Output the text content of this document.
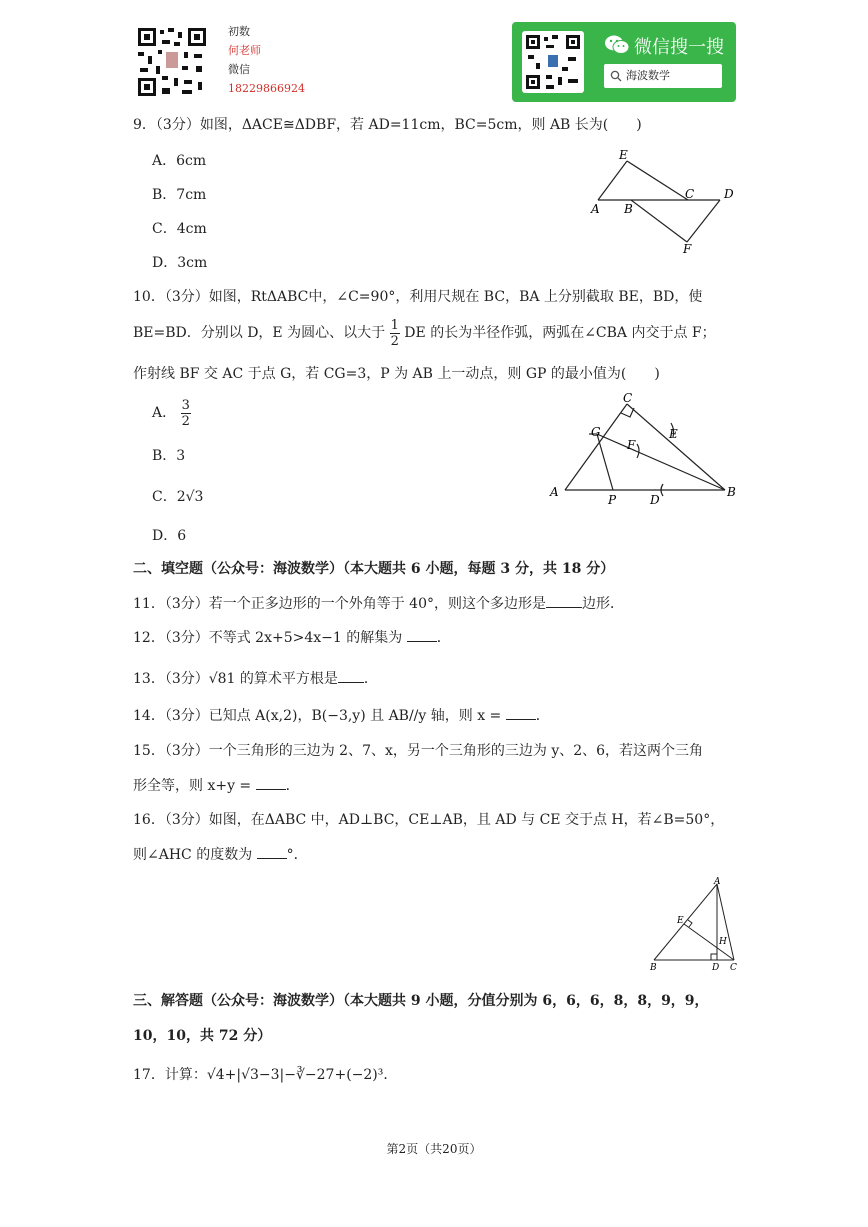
初数
何老师
微信
18229866924
微信搜一搜
海波数学
9．（3分）如图，ΔACE≅ΔDBF，若 AD=11cm，BC=5cm，则 AB 长为(　　)
A．6cm
B．7cm
C．4cm
D．3cm
E
A B
C D
F
10．（3分）如图，RtΔABC中，∠C=90°，利用尺规在 BC，BA 上分别截取 BE，BD，使
BE=BD．分别以 D，E 为圆心、以大于 $\frac{1}{2}$ DE 的长为半径作弧，两弧在∠CBA 内交于点 F；
作射线 BF 交 AC 于点 G，若 CG=3，P 为 AB 上一动点，则 GP 的最小值为(　　)
A． $\frac{3}{2}$
B．3
C．2√3
D．6
C
G
F
E
A
P	D
B
二、填空题（公众号：海波数学）（本大题共 6 小题，每题 3 分，共 18 分）
11．（3分）若一个正多边形的一个外角等于 40°，则这个多边形是	边形．
12．（3分）不等式 2x+5>4x−1 的解集为 ．
13．（3分）√81 的算术平方根是 ．
14．（3分）已知点 A(x,2)，B(−3,y) 且 AB//y 轴，则 x = ．
15．（3分）一个三角形的三边为 2、7、x，另一个三角形的三边为 y、2、6，若这两个三角
形全等，则 x+y = ．
16．（3分）如图，在ΔABC 中，AD⊥BC，CE⊥AB，且 AD 与 CE 交于点 H，若∠B=50°，
则∠AHC 的度数为 °．
A
E
H
B	D C
三、解答题（公众号：海波数学）（本大题共 9 小题，分值分别为 6，6，6，8，8，9，9，
10，10，共 72 分）
17．计算：√4+|√3−3|−∛−27+(−2)³．
第2页（共20页）
